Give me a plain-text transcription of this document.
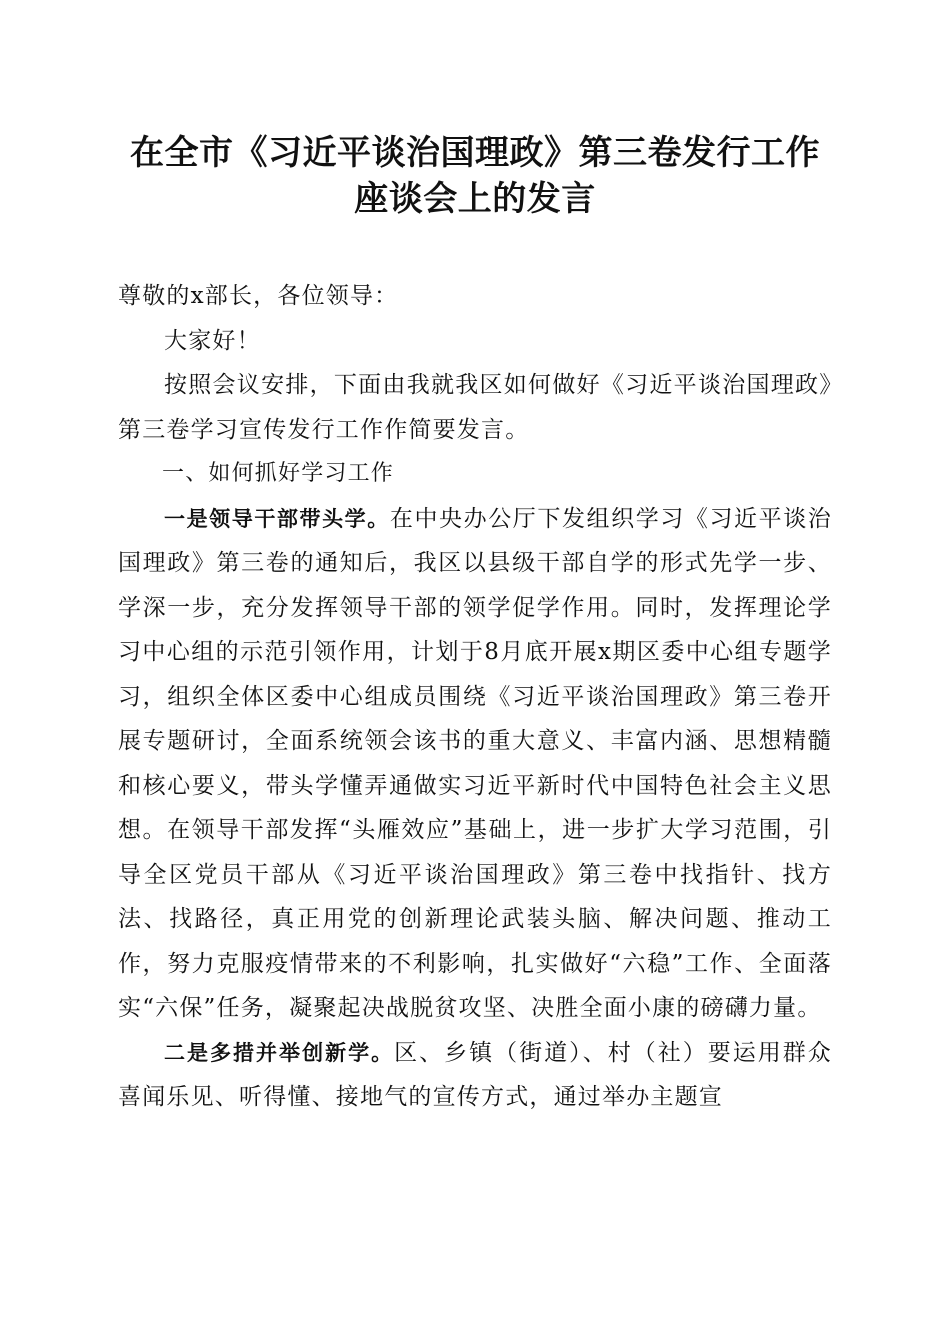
在全市《习近平谈治国理政》第三卷发行工作
座谈会上的发言

尊敬的x部长，各位领导：

大家好！

按照会议安排，下面由我就我区如何做好《习近平谈治国理政》第三卷学习宣传发行工作作简要发言。

一、如何抓好学习工作

一是领导干部带头学。在中央办公厅下发组织学习《习近平谈治国理政》第三卷的通知后，我区以县级干部自学的形式先学一步、学深一步，充分发挥领导干部的领学促学作用。同时，发挥理论学习中心组的示范引领作用，计划于8月底开展x期区委中心组专题学习，组织全体区委中心组成员围绕《习近平谈治国理政》第三卷开展专题研讨，全面系统领会该书的重大意义、丰富内涵、思想精髓和核心要义，带头学懂弄通做实习近平新时代中国特色社会主义思想。在领导干部发挥“头雁效应”基础上，进一步扩大学习范围，引导全区党员干部从《习近平谈治国理政》第三卷中找指针、找方法、找路径，真正用党的创新理论武装头脑、解决问题、推动工作，努力克服疫情带来的不利影响，扎实做好“六稳”工作、全面落实“六保”任务，凝聚起决战脱贫攻坚、决胜全面小康的磅礴力量。

二是多措并举创新学。区、乡镇（街道）、村（社）要运用群众喜闻乐见、听得懂、接地气的宣传方式，通过举办主题宣
